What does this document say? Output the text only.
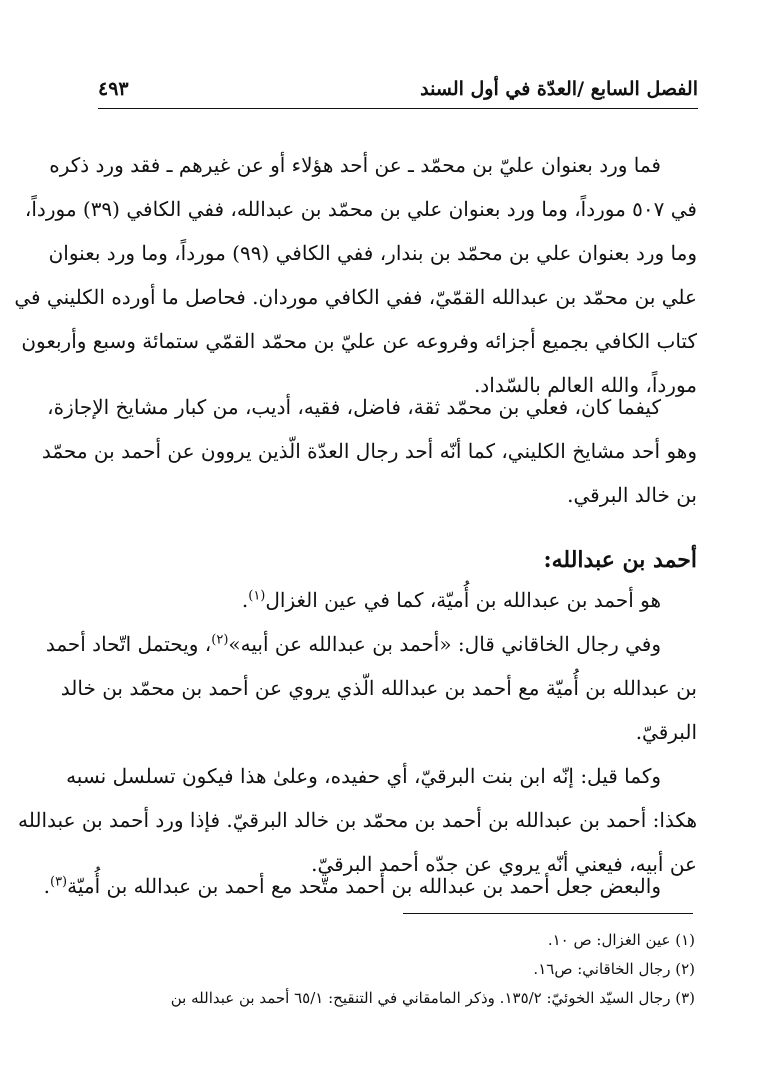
الفصل السابع /العدّة في أول السند
٤٩٣
فما ورد بعنوان عليّ بن محمّد ـ عن أحد هؤلاء أو عن غيرهم ـ فقد ورد ذكره
في ٥٠٧ مورداً، وما ورد بعنوان علي بن محمّد بن عبدالله، ففي الكافي (٣٩) مورداً،
وما ورد بعنوان علي بن محمّد بن بندار، ففي الكافي (٩٩) مورداً، وما ورد بعنوان
علي بن محمّد بن عبدالله القمّيّ، ففي الكافي موردان. فحاصل ما أورده الكليني في
كتاب الكافي بجميع أجزائه وفروعه عن عليّ بن محمّد القمّي ستمائة وسبع وأربعون
مورداً، والله العالم بالسّداد.
كيفما كان، فعلي بن محمّد ثقة، فاضل، فقيه، أديب، من كبار مشايخ الإجازة،
وهو أحد مشايخ الكليني، كما أنّه أحد رجال العدّة الّذين يروون عن أحمد بن محمّد
بن خالد البرقي.
أحمد بن عبدالله:
هو أحمد بن عبدالله بن أُميّة، كما في عين الغزال$^{(١)}$.
وفي رجال الخاقاني قال: «أحمد بن عبدالله عن أبيه»$^{(٢)}$، ويحتمل اتّحاد أحمد
بن عبدالله بن أُميّة مع أحمد بن عبدالله الّذي يروي عن أحمد بن محمّد بن خالد
البرقيّ.
وكما قيل: إنّه ابن بنت البرقيّ، أي حفيده، وعلىٰ هذا فيكون تسلسل نسبه
هكذا: أحمد بن عبدالله بن أحمد بن محمّد بن خالد البرقيّ. فإذا ورد أحمد بن عبدالله
عن أبيه، فيعني أنّه يروي عن جدّه أحمد البرقيّ.
والبعض جعل أحمد بن عبدالله بن أحمد متّحد مع أحمد بن عبدالله بن أُميّة$^{(٣)}$.
(١) عين الغزال: ص ١٠.
(٢) رجال الخاقاني: ص١٦.
(٣) رجال السيّد الخوئيّ: ١٣٥/٢. وذكر المامقاني في التنقيح: ٦٥/١ أحمد بن عبدالله بن
